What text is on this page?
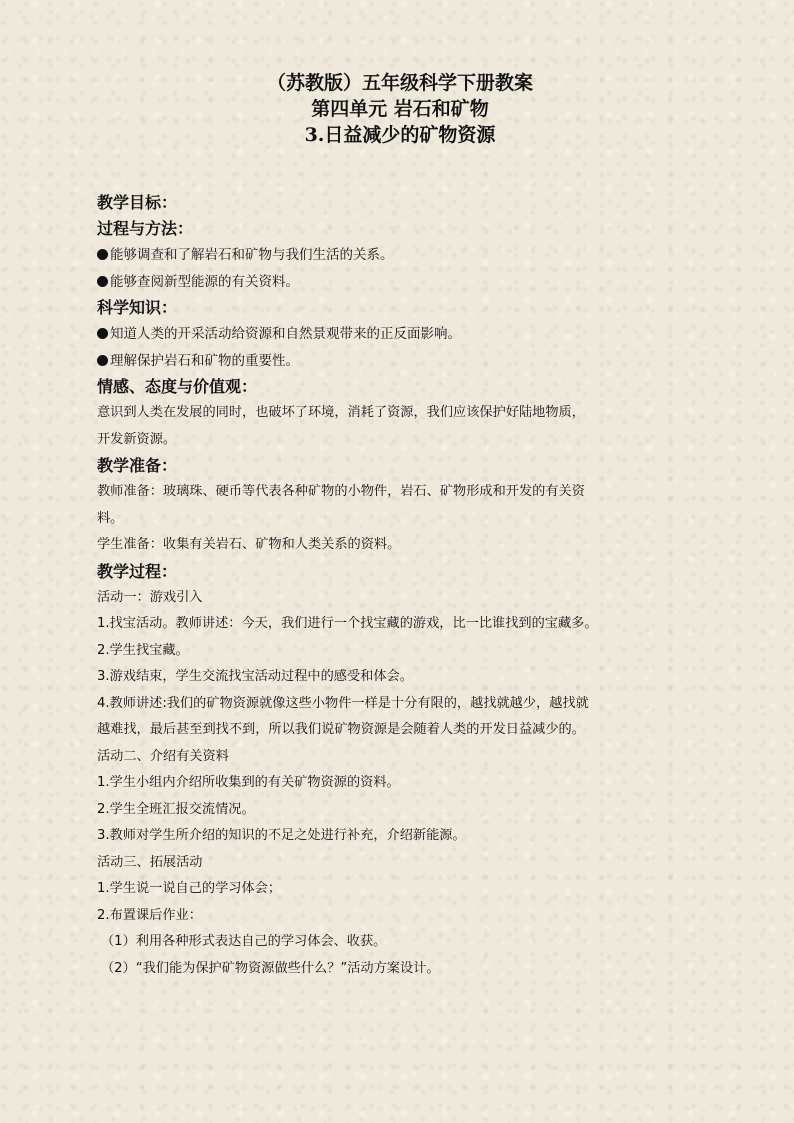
（苏教版）五年级科学下册教案
第四单元 岩石和矿物
3.日益减少的矿物资源
教学目标：
过程与方法：
能够调查和了解岩石和矿物与我们生活的关系。
能够查阅新型能源的有关资料。
科学知识：
知道人类的开采活动给资源和自然景观带来的正反面影响。
理解保护岩石和矿物的重要性。
情感、态度与价值观：
意识到人类在发展的同时，也破坏了环境，消耗了资源，我们应该保护好陆地物质，
开发新资源。
教学准备：
教师准备：玻璃珠、硬币等代表各种矿物的小物件，岩石、矿物形成和开发的有关资
料。
学生准备：收集有关岩石、矿物和人类关系的资料。
教学过程：
活动一：游戏引入
1.找宝活动。教师讲述：今天，我们进行一个找宝藏的游戏，比一比谁找到的宝藏多。
2.学生找宝藏。
3.游戏结束，学生交流找宝活动过程中的感受和体会。
4.教师讲述:我们的矿物资源就像这些小物件一样是十分有限的，越找就越少，越找就
越难找，最后甚至到找不到，所以我们说矿物资源是会随着人类的开发日益减少的。
活动二、介绍有关资料
1.学生小组内介绍所收集到的有关矿物资源的资料。
2.学生全班汇报交流情况。
3.教师对学生所介绍的知识的不足之处进行补充，介绍新能源。
活动三、拓展活动
1.学生说一说自己的学习体会；
2.布置课后作业：
（1）利用各种形式表达自己的学习体会、收获。
（2）“我们能为保护矿物资源做些什么？”活动方案设计。
